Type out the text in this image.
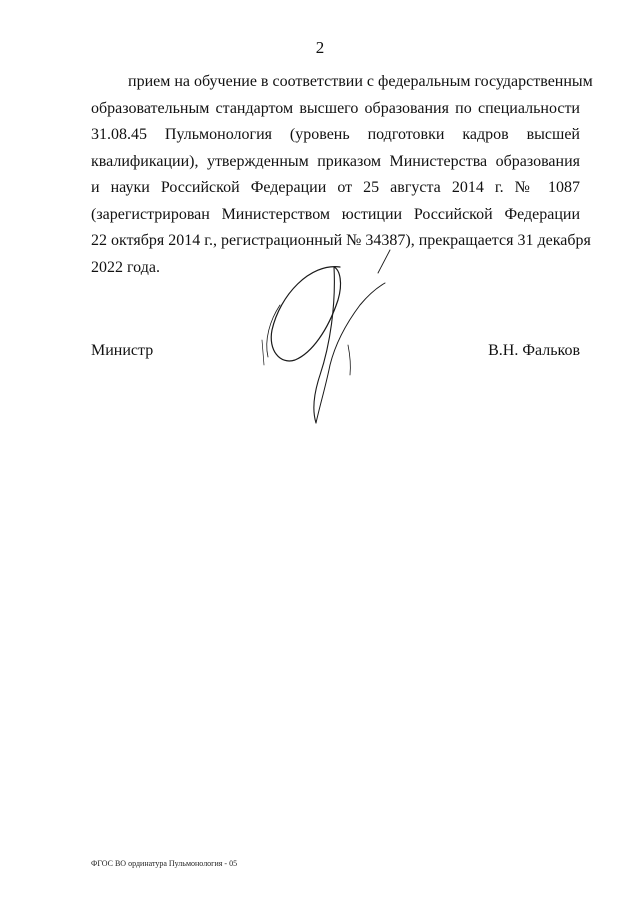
2
прием на обучение в соответствии с федеральным государственным
образовательным стандартом высшего образования по специальности
31.08.45 Пульмонология (уровень подготовки кадров высшей
квалификации), утвержденным приказом Министерства образования
и науки Российской Федерации от 25 августа 2014 г. № 1087
(зарегистрирован Министерством юстиции Российской Федерации
22 октября 2014 г., регистрационный № 34387), прекращается 31 декабря
2022 года.
Министр	В.Н. Фальков
ФГОС ВО ординатура Пульмонология - 05
